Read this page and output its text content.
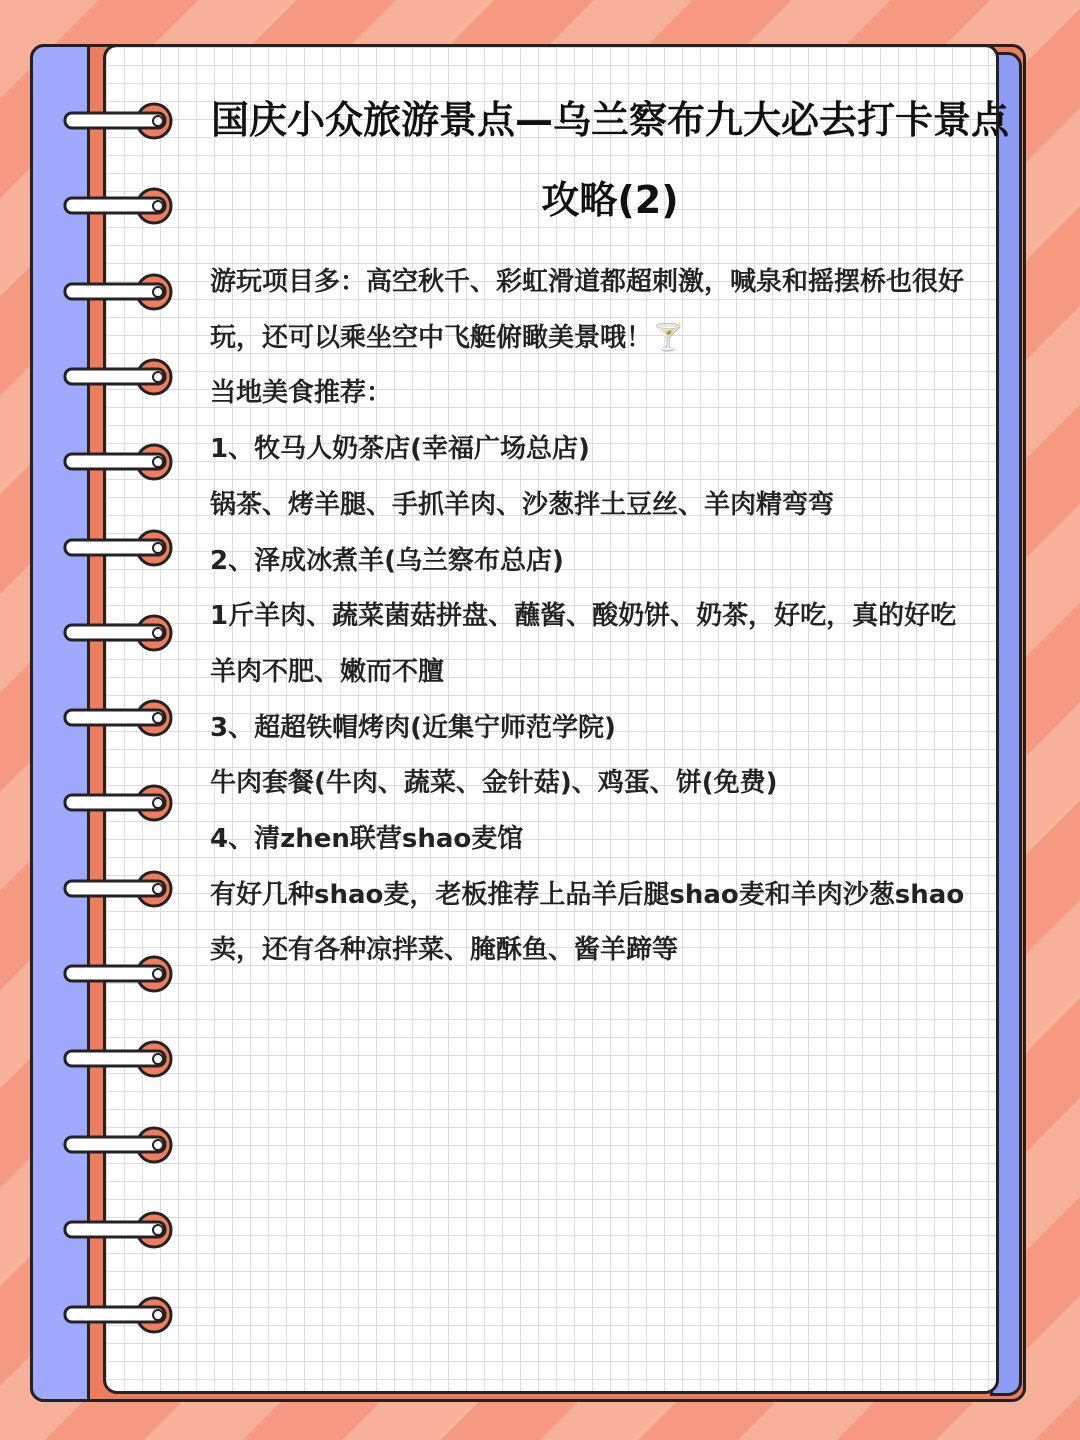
国庆小众旅游景点—乌兰察布九大必去打卡景点
攻略(2)

游玩项目多：高空秋千、彩虹滑道都超刺激，喊泉和摇摆桥也很好玩，还可以乘坐空中飞艇俯瞰美景哦！🍸

当地美食推荐：

1、牧马人奶茶店(幸福广场总店)

锅茶、烤羊腿、手抓羊肉、沙葱拌土豆丝、羊肉精弯弯

2、泽成冰煮羊(乌兰察布总店)

1斤羊肉、蔬菜菌菇拼盘、蘸酱、酸奶饼、奶茶，好吃，真的好吃羊肉不肥、嫩而不膻

3、超超铁帽烤肉(近集宁师范学院)

牛肉套餐(牛肉、蔬菜、金针菇)、鸡蛋、饼(免费)

4、清zhen联营shao麦馆

有好几种shao麦，老板推荐上品羊后腿shao麦和羊肉沙葱shao卖，还有各种凉拌菜、腌酥鱼、酱羊蹄等
